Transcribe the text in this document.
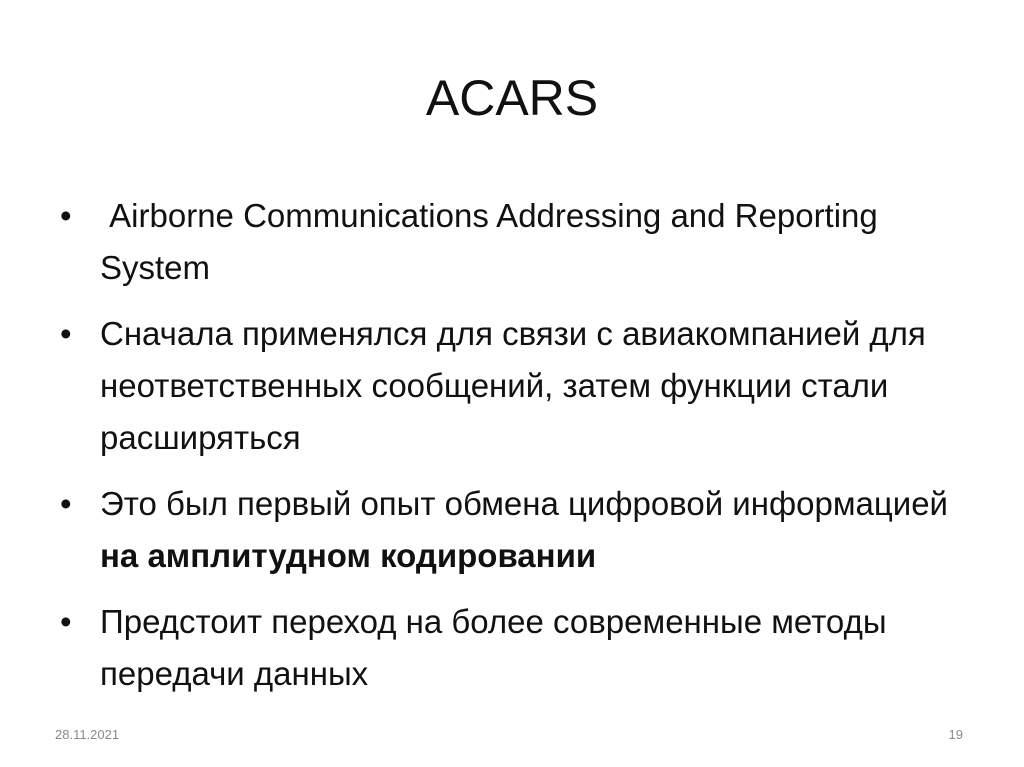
ACARS
• Airborne Communications Addressing and Reporting System
• Сначала применялся для связи с авиакомпанией для неответственных сообщений, затем функции стали расширяться
• Это был первый опыт обмена цифровой информацией на амплитудном кодировании
• Предстоит переход на более современные методы передачи данных
28.11.2021	19
